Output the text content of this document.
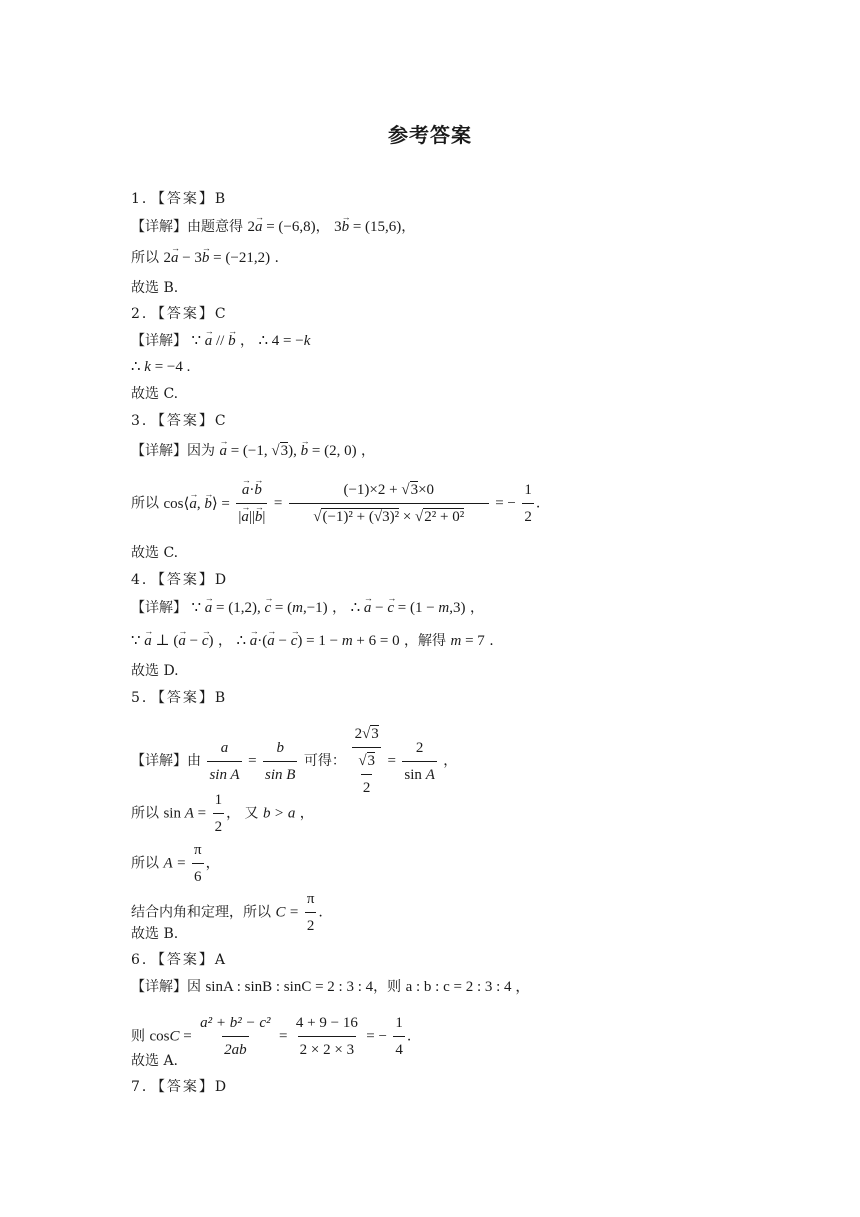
参考答案
1．【答案】B
【详解】由题意得 2→ a = (−6,8)， 3→ b = (15,6)，
所以 2→ a − 3→ b = (−21,2) .
故选 B.
2．【答案】C
【详解】 ∵ → a // → b ， ∴ 4 = −k
∴ k = −4 .
故选 C.
3．【答案】C
【详解】因为 → a = (−1, √3), → b = (2, 0) ，
所以 cos⟨→ a, → b⟩ = → $\frac{a\cdot\to b}{|\to a||\to b|} = \frac{(-1)\times 2 + √3\times 0}{\text{√(−1)² + (√3)² × √2² + 0²}}$ = − $\frac{1}{2}$ .
故选 C.
4．【答案】D
【详解】 ∵ → a = (1,2), → c = (m,−1) ， ∴ → a − → c = (1 − m,3) ，
∵ → a ⊥ (→ a − → c) ， ∴ → a·(→ a − → c) = 1 − m + 6 = 0 ，解得 m = 7 .
故选 D.
5．【答案】B
【详解】由 $\frac{a}{\text{sin A}} = \frac{b}{\text{sin B}}$ 可得： $\frac{2√3}{\frac{√3}{2}} = \frac{2}{\text{sin A}}$ ，
所以 $\sin A = \frac{1}{2}$ ， 又 b > a ，
所以 $A = \frac{\pi}{6}$ ，
结合内角和定理，所以 $C = \frac{\pi}{2}$ .
故选 B.
6．【答案】A
【详解】因 sinA : sinB : sinC = 2 : 3 : 4，则 a : b : c = 2 : 3 : 4 ，
则 $\cos C = \frac{\text{a² + b² − c²}}{2ab} = \frac{4 + 9 - 16}{2 \times 2 \times 3}$ = − $\frac{1}{4}$ .
故选 A.
7．【答案】D
